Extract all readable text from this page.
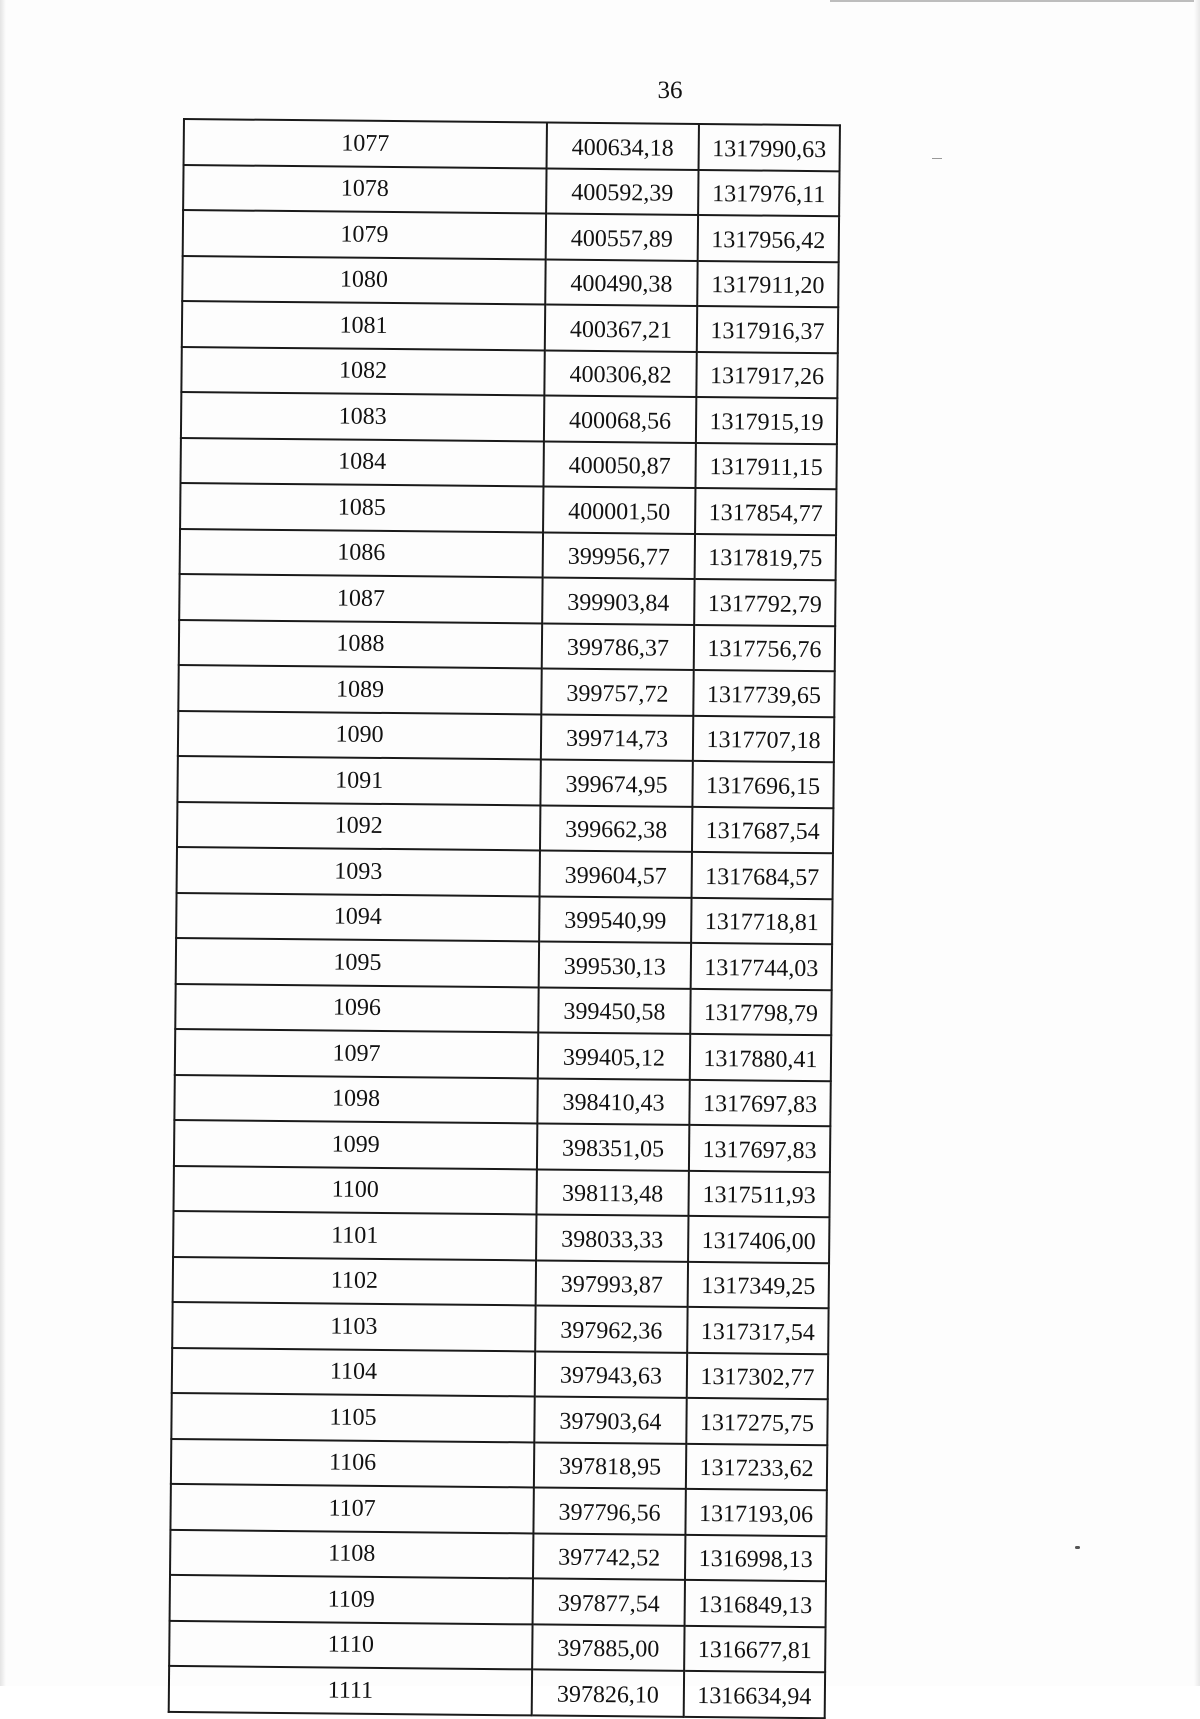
36
1077	400634,18	1317990,63
1078	400592,39	1317976,11
1079	400557,89	1317956,42
1080	400490,38	1317911,20
1081	400367,21	1317916,37
1082	400306,82	1317917,26
1083	400068,56	1317915,19
1084	400050,87	1317911,15
1085	400001,50	1317854,77
1086	399956,77	1317819,75
1087	399903,84	1317792,79
1088	399786,37	1317756,76
1089	399757,72	1317739,65
1090	399714,73	1317707,18
1091	399674,95	1317696,15
1092	399662,38	1317687,54
1093	399604,57	1317684,57
1094	399540,99	1317718,81
1095	399530,13	1317744,03
1096	399450,58	1317798,79
1097	399405,12	1317880,41
1098	398410,43	1317697,83
1099	398351,05	1317697,83
1100	398113,48	1317511,93
1101	398033,33	1317406,00
1102	397993,87	1317349,25
1103	397962,36	1317317,54
1104	397943,63	1317302,77
1105	397903,64	1317275,75
1106	397818,95	1317233,62
1107	397796,56	1317193,06
1108	397742,52	1316998,13
1109	397877,54	1316849,13
1110	397885,00	1316677,81
1111	397826,10	1316634,94
